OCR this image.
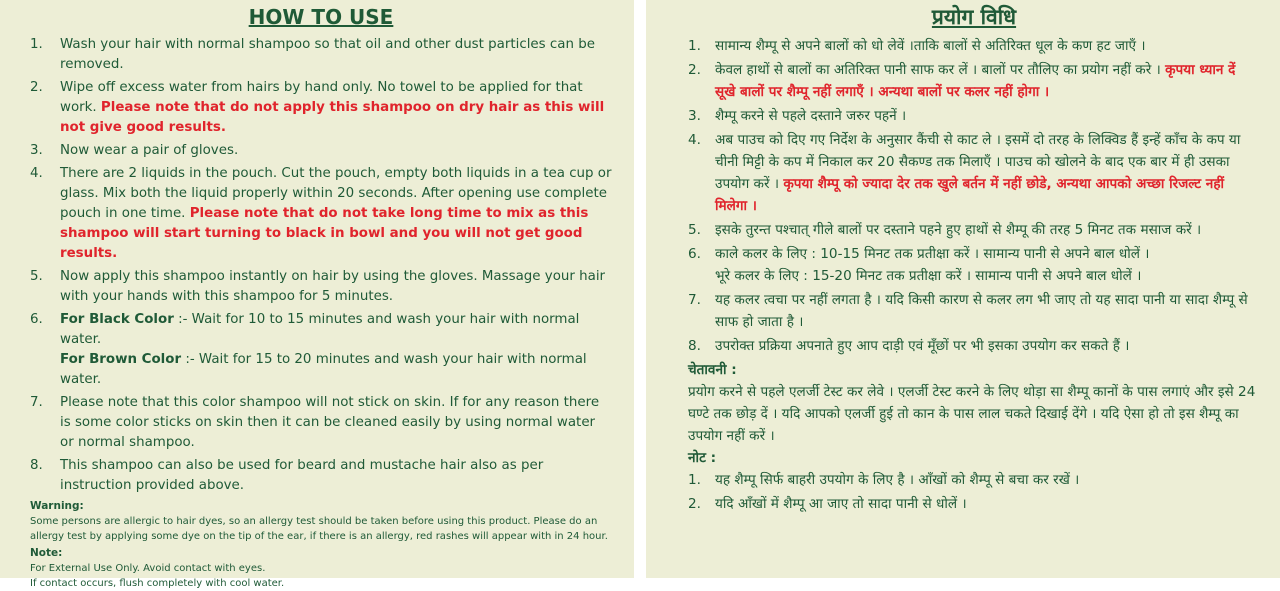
HOW TO USE
1.	Wash your hair with normal shampoo so that oil and other dust particles can be removed.
2.	Wipe off excess water from hairs by hand only. No towel to be applied for that work. Please note that do not apply this shampoo on dry hair as this will not give good results.
3.	Now wear a pair of gloves.
4.	There are 2 liquids in the pouch. Cut the pouch, empty both liquids in a tea cup or glass. Mix both the liquid properly within 20 seconds. After opening use complete pouch in one time. Please note that do not take long time to mix as this shampoo will start turning to black in bowl and you will not get good results.
5.	Now apply this shampoo instantly on hair by using the gloves. Massage your hair with your hands with this shampoo for 5 minutes.
6.	For Black Color :- Wait for 10 to 15 minutes and wash your hair with normal water.
For Brown Color :- Wait for 15 to 20 minutes and wash your hair with normal water.
7.	Please note that this color shampoo will not stick on skin. If for any reason there is some color sticks on skin then it can be cleaned easily by using normal water or normal shampoo.
8.	This shampoo can also be used for beard and mustache hair also as per instruction provided above.
Warning:
Some persons are allergic to hair dyes, so an allergy test should be taken before using this product. Please do an allergy test by applying some dye on the tip of the ear, if there is an allergy, red rashes will appear with in 24 hour.
Note:
For External Use Only. Avoid contact with eyes.
If contact occurs, flush completely with cool water.
प्रयोग विधि
1.	सामान्य शैम्पू से अपने बालों को धो लेवें ।ताकि बालों से अतिरिक्त धूल के कण हट जाएँ ।
2.	केवल हाथों से बालों का अतिरिक्त पानी साफ कर लें । बालों पर तौलिए का प्रयोग नहीं करे । कृपया ध्यान दें सूखे बालों पर शैम्पू नहीं लगाएँ । अन्यथा बालों पर कलर नहीं होगा ।
3.	शैम्पू करने से पहले दस्ताने जरुर पहनें ।
4.	अब पाउच को दिए गए निर्देश के अनुसार कैंची से काट ले । इसमें दो तरह के लिक्विड हैं इन्हें काँच के कप या चीनी मिट्टी के कप में निकाल कर 20 सैकण्ड तक मिलाएँ । पाउच को खोलने के बाद एक बार में ही उसका उपयोग करें । कृपया शैम्पू को ज्यादा देर तक खुले बर्तन में नहीं छोडे, अन्यथा आपको अच्छा रिजल्ट नहीं मिलेगा ।
5.	इसके तुरन्त पश्चात् गीले बालों पर दस्ताने पहने हुए हाथों से शैम्पू की तरह 5 मिनट तक मसाज करें ।
6.	काले कलर के लिए : 10-15 मिनट तक प्रतीक्षा करें । सामान्य पानी से अपने बाल धोलें ।
भूरे कलर के लिए : 15-20 मिनट तक प्रतीक्षा करें । सामान्य पानी से अपने बाल धोलें ।
7.	यह कलर त्वचा पर नहीं लगता है । यदि किसी कारण से कलर लग भी जाए तो यह सादा पानी या सादा शैम्पू से साफ हो जाता है ।
8.	उपरोक्त प्रक्रिया अपनाते हुए आप दाड़ी एवं मूँछों पर भी इसका उपयोग कर सकते हैं ।
चेतावनी :
प्रयोग करने से पहले एलर्जी टेस्ट कर लेवे । एलर्जी टेस्ट करने के लिए थोड़ा सा शैम्पू कानों के पास लगाएं और इसे 24 घण्टे तक छोड़ दें । यदि आपको एलर्जी हुई तो कान के पास लाल चकते दिखाई देंगे । यदि ऐसा हो तो इस शैम्पू का उपयोग नहीं करें ।
नोट :
1.	यह शैम्पू सिर्फ बाहरी उपयोग के लिए है । आँखों को शैम्पू से बचा कर रखें ।
2.	यदि आँखों में शैम्पू आ जाए तो सादा पानी से धोलें ।
